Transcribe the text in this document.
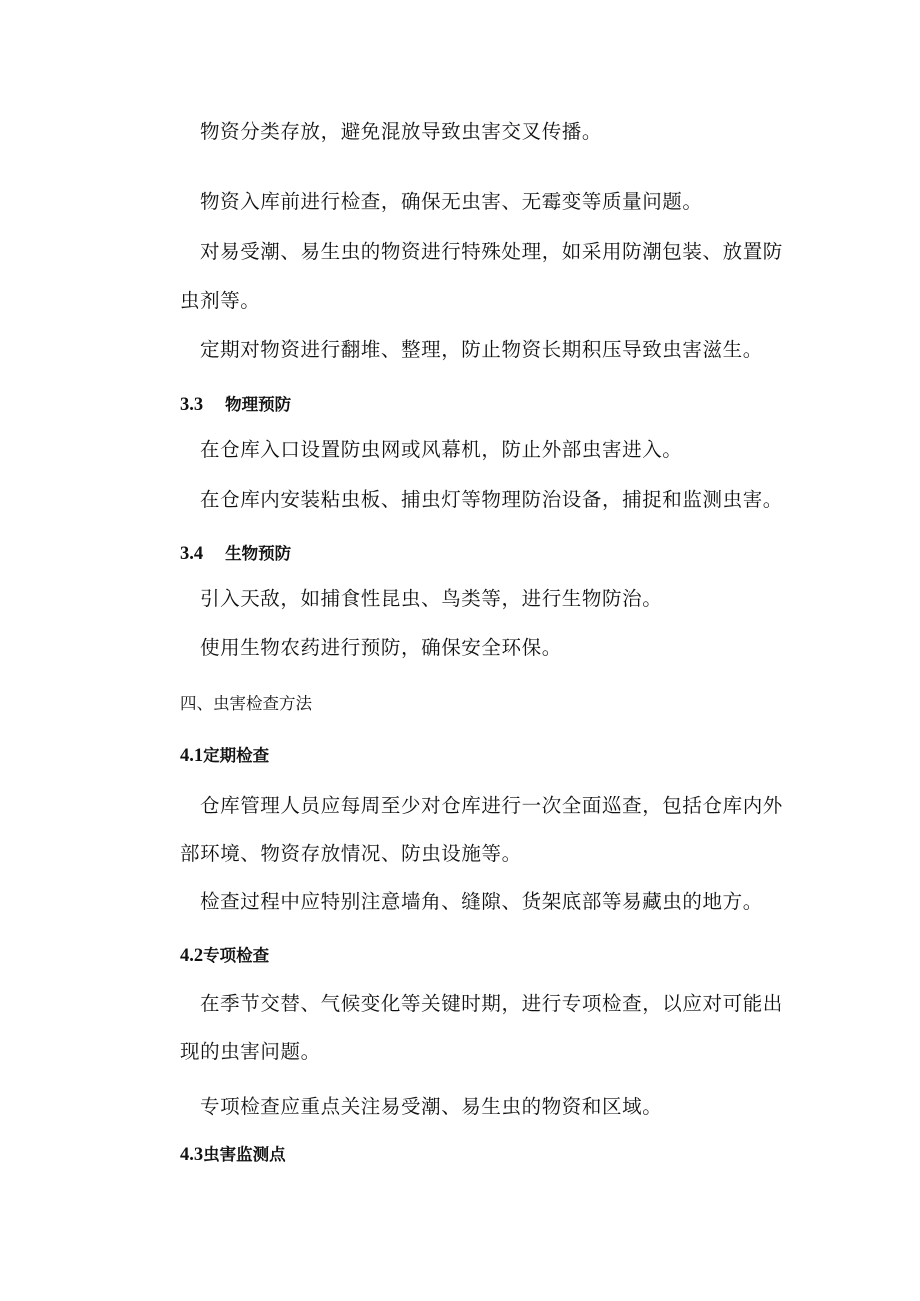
物资分类存放，避免混放导致虫害交叉传播。

物资入库前进行检查，确保无虫害、无霉变等质量问题。

对易受潮、易生虫的物资进行特殊处理，如采用防潮包装、放置防

虫剂等。

定期对物资进行翻堆、整理，防止物资长期积压导致虫害滋生。

3.3 物理预防

在仓库入口设置防虫网或风幕机，防止外部虫害进入。

在仓库内安装粘虫板、捕虫灯等物理防治设备，捕捉和监测虫害。

3.4 生物预防

引入天敌，如捕食性昆虫、鸟类等，进行生物防治。

使用生物农药进行预防，确保安全环保。

四、虫害检查方法
4.1定期检查

仓库管理人员应每周至少对仓库进行一次全面巡查，包括仓库内外

部环境、物资存放情况、防虫设施等。

检查过程中应特别注意墙角、缝隙、货架底部等易藏虫的地方。

4.2专项检查

在季节交替、气候变化等关键时期，进行专项检查，以应对可能出

现的虫害问题。

专项检查应重点关注易受潮、易生虫的物资和区域。

4.3虫害监测点
